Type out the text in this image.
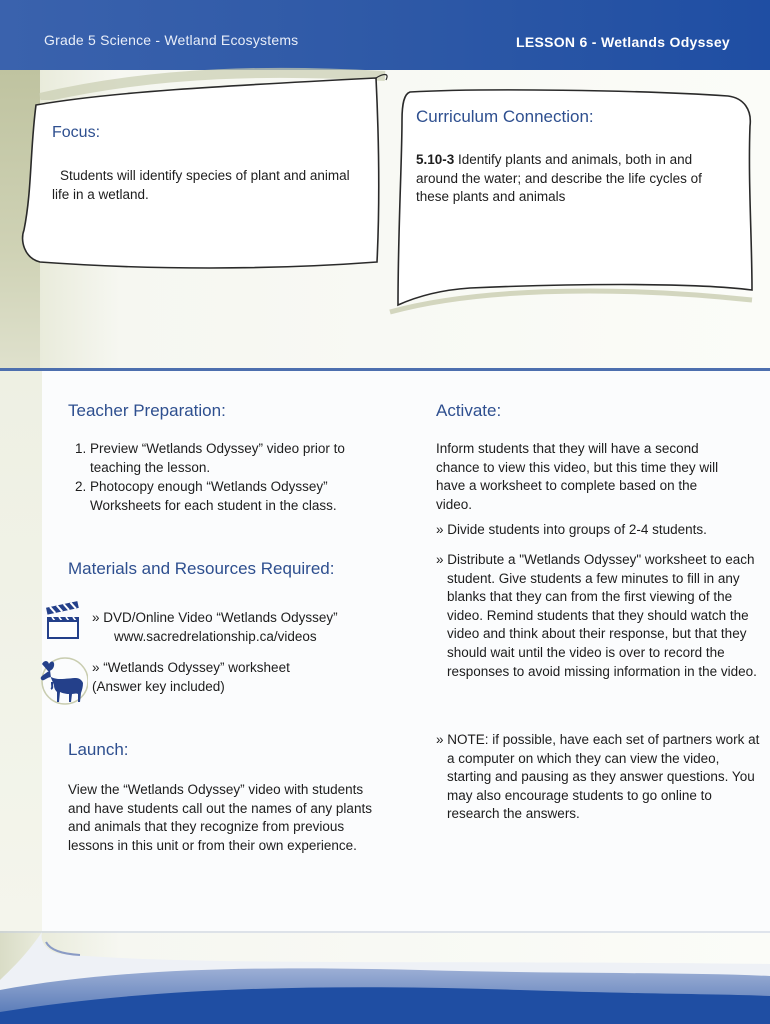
Grade 5 Science - Wetland Ecosystems	LESSON 6 - Wetlands Odyssey
Focus:
Students will identify species of plant and animal life in a wetland.
Curriculum Connection:
5.10-3 Identify plants and animals, both in and around the water; and describe the life cycles of these plants and animals
Teacher Preparation:
1. Preview “Wetlands Odyssey” video prior to teaching the lesson.
2. Photocopy enough “Wetlands Odyssey” Worksheets for each student in the class.
Materials and Resources Required:
» DVD/Online Video “Wetlands Odyssey”
www.sacredrelationship.ca/videos
» “Wetlands Odyssey” worksheet
(Answer key included)
Launch:
View the “Wetlands Odyssey” video with students and have students call out the names of any plants and animals that they recognize from previous lessons in this unit or from their own experience.
Activate:
Inform students that they will have a second chance to view this video, but this time they will have a worksheet to complete based on the video.
» Divide students into groups of 2-4 students.
» Distribute a "Wetlands Odyssey" worksheet to each student. Give students a few minutes to fill in any blanks that they can from the first viewing of the video. Remind students that they should watch the video and think about their response, but that they should wait until the video is over to record the responses to avoid missing information in the video.
» NOTE: if possible, have each set of partners work at a computer on which they can view the video, starting and pausing as they answer questions. You may also encourage students to go online to research the answers.
